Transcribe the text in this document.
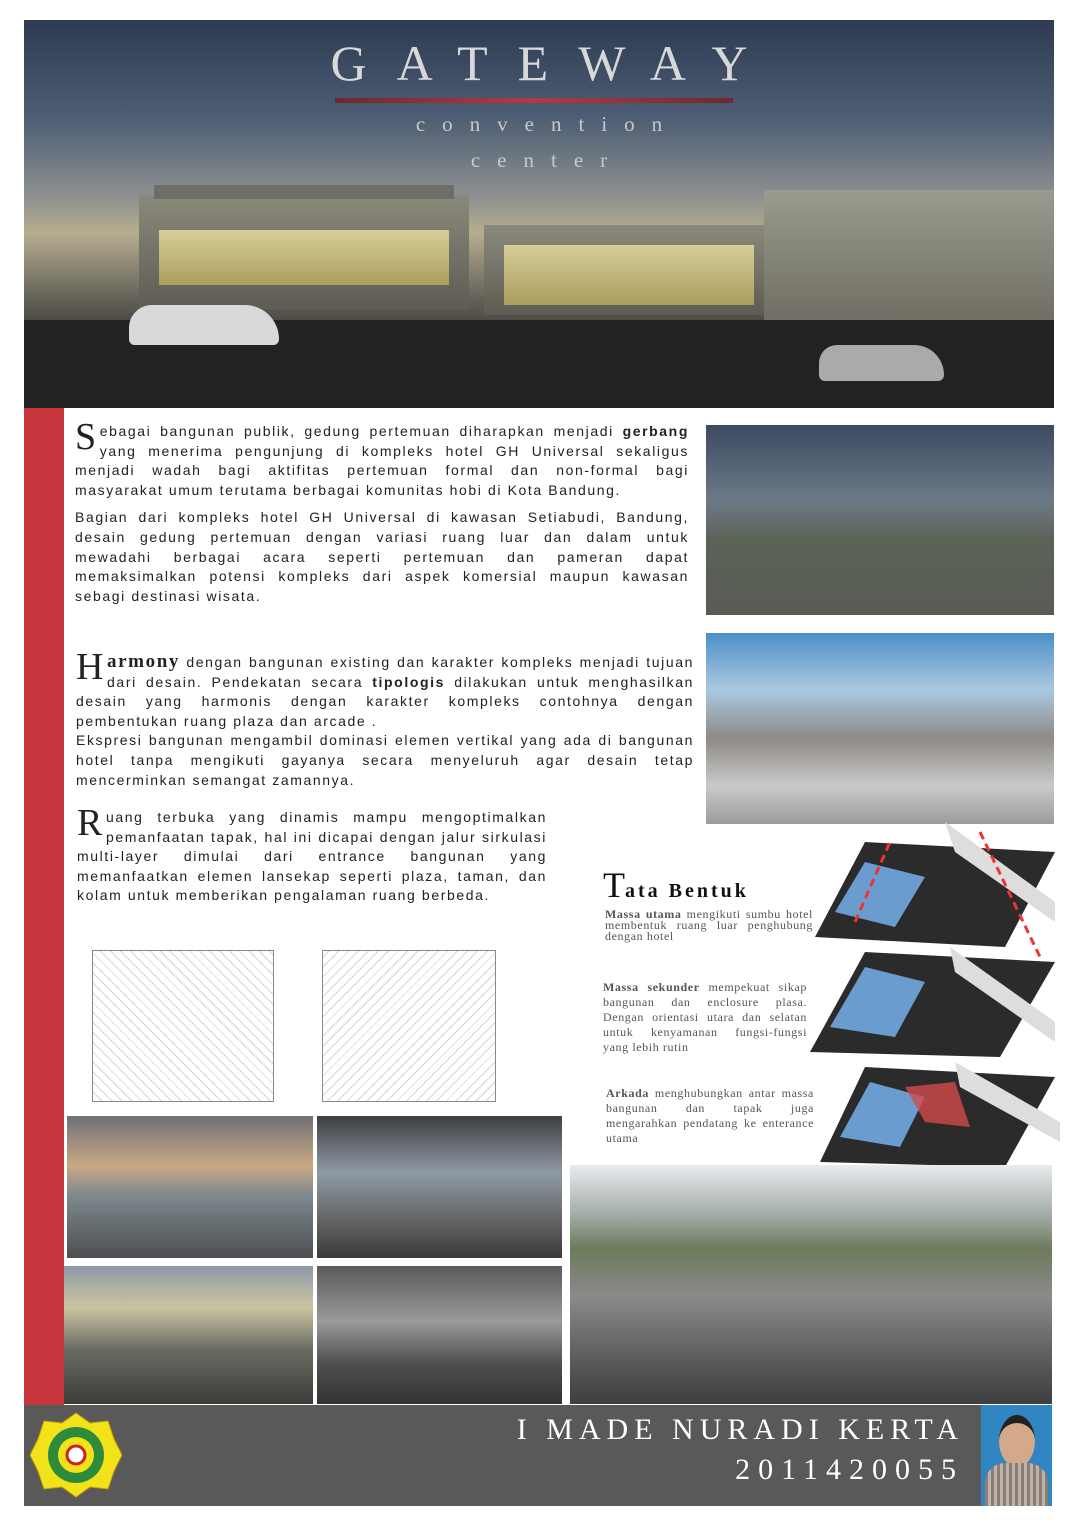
GATEWAY
convention
center

Sebagai bangunan publik, gedung pertemuan diharapkan menjadi gerbang yang menerima pengunjung di kompleks hotel GH Universal sekaligus menjadi wadah bagi aktifitas pertemuan formal dan non-formal bagi masyarakat umum terutama berbagai komunitas hobi di Kota Bandung.

Bagian dari kompleks hotel GH Universal di kawasan Setiabudi, Bandung, desain gedung pertemuan dengan variasi ruang luar dan dalam untuk mewadahi berbagai acara seperti pertemuan dan pameran dapat memaksimalkan potensi kompleks dari aspek komersial maupun kawasan sebagi destinasi wisata.

Harmony dengan bangunan existing dan karakter kompleks menjadi tujuan dari desain. Pendekatan secara tipologis dilakukan untuk menghasilkan desain yang harmonis dengan karakter kompleks contohnya dengan pembentukan ruang plaza dan arcade .

Ekspresi bangunan mengambil dominasi elemen vertikal yang ada di bangunan hotel tanpa mengikuti gayanya secara menyeluruh agar desain tetap mencerminkan semangat zamannya.

Ruang terbuka yang dinamis mampu mengoptimalkan pemanfaatan tapak, hal ini dicapai dengan jalur sirkulasi multi-layer dimulai dari entrance bangunan yang memanfaatkan elemen lansekap seperti plaza, taman, dan kolam untuk memberikan pengalaman ruang berbeda.	Tata Bentuk
Massa utama mengikuti sumbu hotel membentuk ruang luar penghubung dengan hotel
Massa sekunder mempekuat sikap bangunan dan enclosure plasa. Dengan orientasi utara dan selatan untuk kenyamanan fungsi-fungsi yang lebih rutin
Arkada menghubungkan antar massa bangunan dan tapak juga mengarahkan pendatang ke enterance utama
I MADE NURADI KERTA
2011420055
